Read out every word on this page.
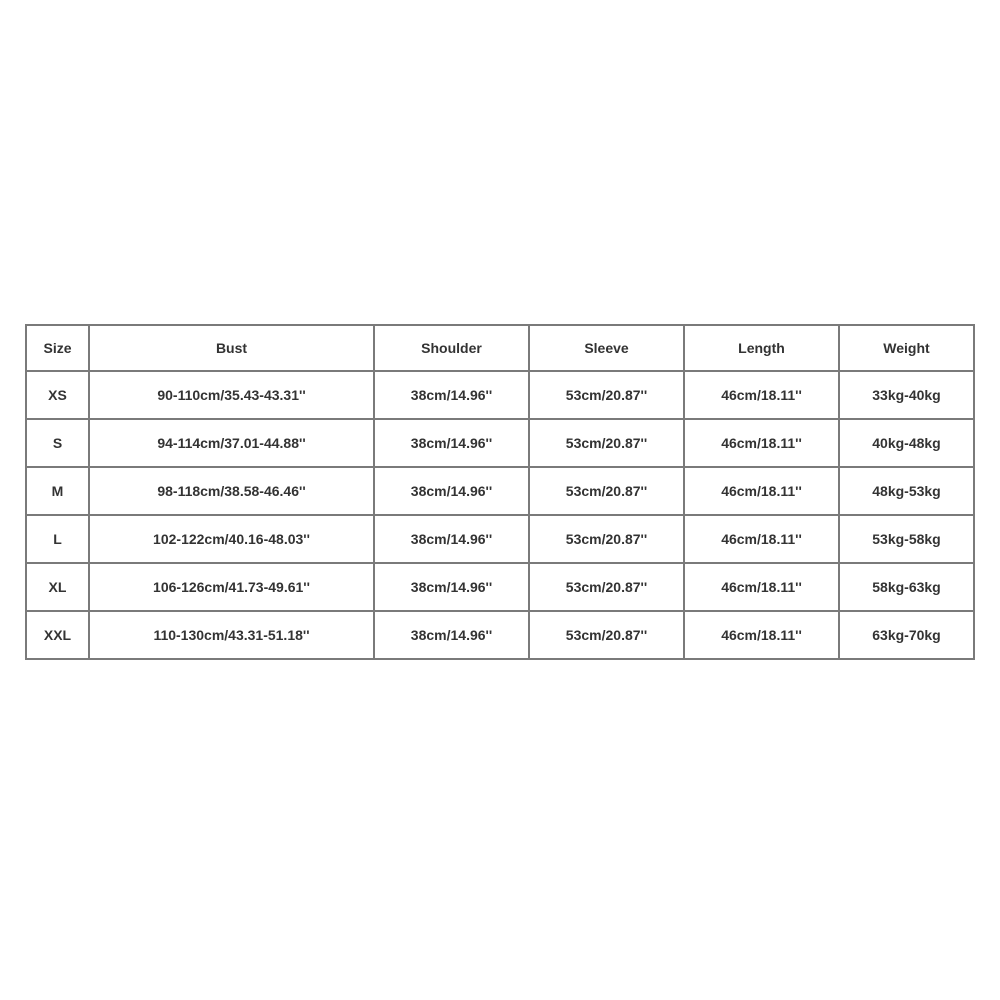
Size	Bust	Shoulder	Sleeve	Length	Weight
XS	90-110cm/35.43-43.31''	38cm/14.96''	53cm/20.87''	46cm/18.11''	33kg-40kg
S	94-114cm/37.01-44.88''	38cm/14.96''	53cm/20.87''	46cm/18.11''	40kg-48kg
M	98-118cm/38.58-46.46''	38cm/14.96''	53cm/20.87''	46cm/18.11''	48kg-53kg
L	102-122cm/40.16-48.03''	38cm/14.96''	53cm/20.87''	46cm/18.11''	53kg-58kg
XL	106-126cm/41.73-49.61''	38cm/14.96''	53cm/20.87''	46cm/18.11''	58kg-63kg
XXL	110-130cm/43.31-51.18''	38cm/14.96''	53cm/20.87''	46cm/18.11''	63kg-70kg
